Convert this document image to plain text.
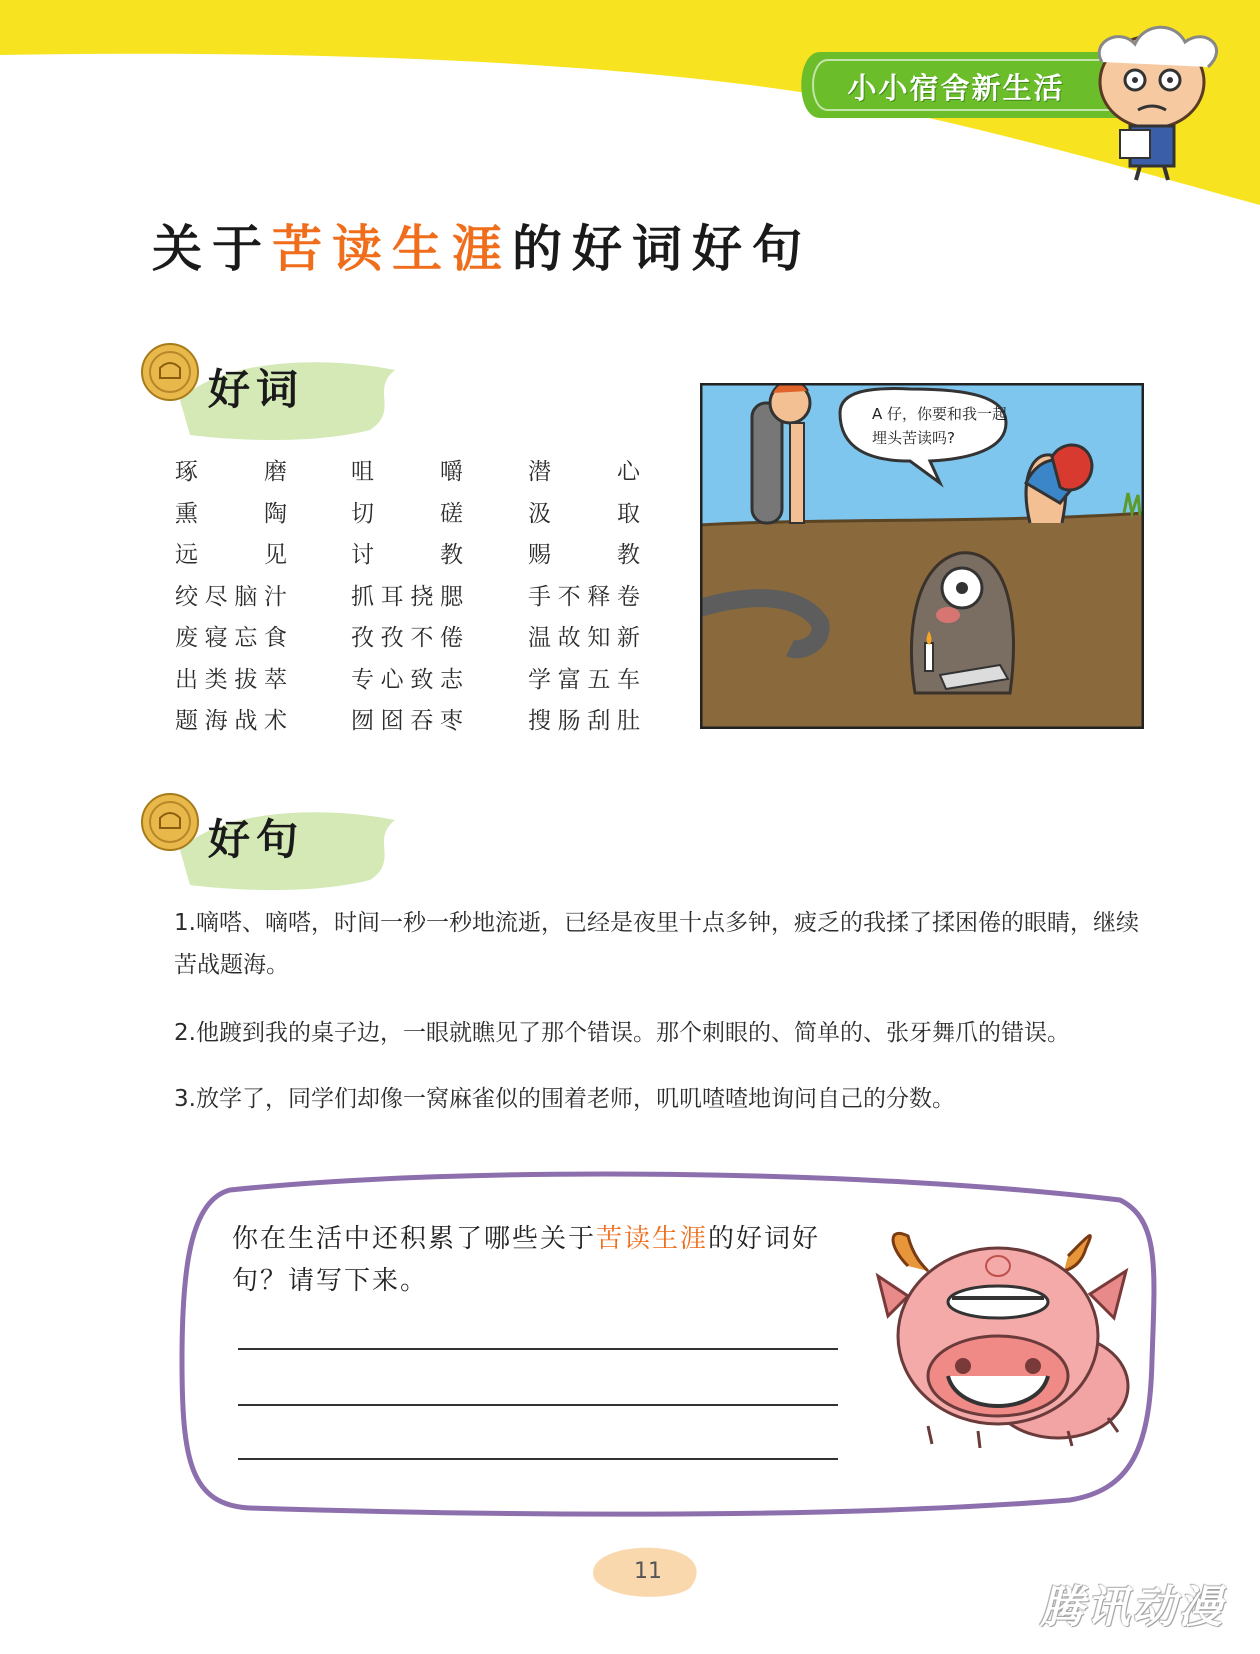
小小宿舍新生活
关于苦读生涯的好词好句
好词
琢　磨
熏　陶
远　见
绞尽脑汁
废寝忘食
出类拔萃
题海战术
咀　嚼
切　磋
讨　教
抓耳挠腮
孜孜不倦
专心致志
囫囵吞枣
潜　心
汲　取
赐　教
手不释卷
温故知新
学富五车
搜肠刮肚
A 仔，你要和我一起埋头苦读吗?
好句
1.嘀嗒、嘀嗒，时间一秒一秒地流逝，已经是夜里十点多钟，疲乏的我揉了揉困倦的眼睛，继续苦战题海。
2.他踱到我的桌子边，一眼就瞧见了那个错误。那个刺眼的、简单的、张牙舞爪的错误。
3.放学了，同学们却像一窝麻雀似的围着老师，叽叽喳喳地询问自己的分数。
你在生活中还积累了哪些关于苦读生涯的好词好句？请写下来。
11
腾讯动漫
